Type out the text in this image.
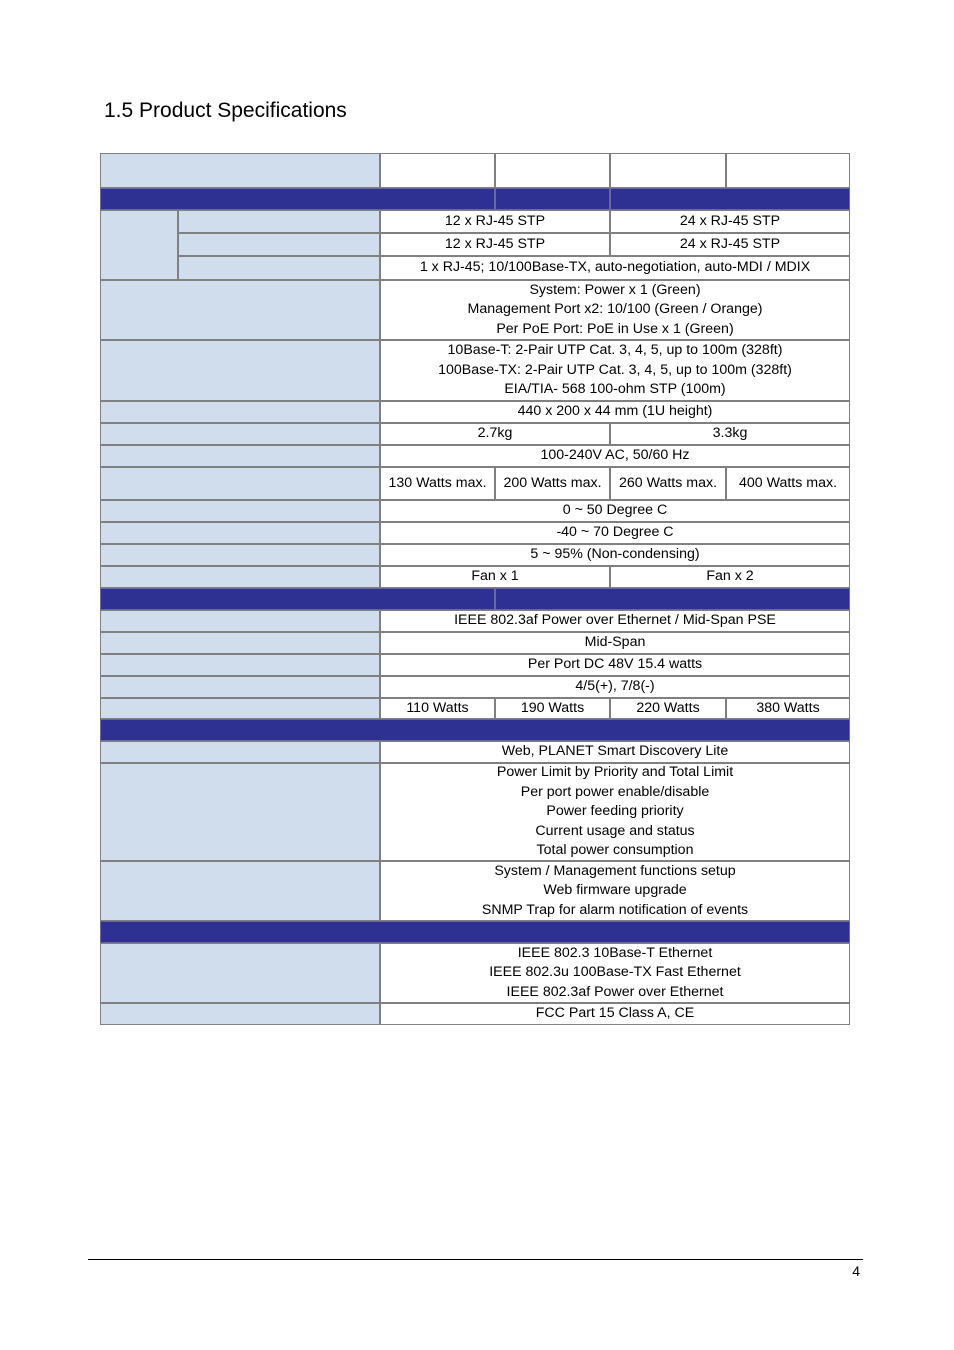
1.5 Product Specifications
12 x RJ-45 STP	24 x RJ-45 STP
12 x RJ-45 STP	24 x RJ-45 STP
1 x RJ-45; 10/100Base-TX, auto-negotiation, auto-MDI / MDIX
System: Power x 1 (Green)
Management Port x2: 10/100 (Green / Orange)
Per PoE Port: PoE in Use x 1 (Green)
10Base-T: 2-Pair UTP Cat. 3, 4, 5, up to 100m (328ft)
100Base-TX: 2-Pair UTP Cat. 3, 4, 5, up to 100m (328ft)
EIA/TIA- 568 100-ohm STP (100m)
440 x 200 x 44 mm (1U height)
2.7kg	3.3kg
100-240V AC, 50/60 Hz
130 Watts max.	200 Watts max.	260 Watts max.	400 Watts max.
0 ~ 50 Degree C
-40 ~ 70 Degree C
5 ~ 95% (Non-condensing)
Fan x 1	Fan x 2
IEEE 802.3af Power over Ethernet / Mid-Span PSE
Mid-Span
Per Port DC 48V 15.4 watts
4/5(+), 7/8(-)
110 Watts	190 Watts	220 Watts	380 Watts
Web, PLANET Smart Discovery Lite
Power Limit by Priority and Total Limit
Per port power enable/disable
Power feeding priority
Current usage and status
Total power consumption
System / Management functions setup
Web firmware upgrade
SNMP Trap for alarm notification of events
IEEE 802.3 10Base-T Ethernet
IEEE 802.3u 100Base-TX Fast Ethernet
IEEE 802.3af Power over Ethernet
FCC Part 15 Class A, CE
4
